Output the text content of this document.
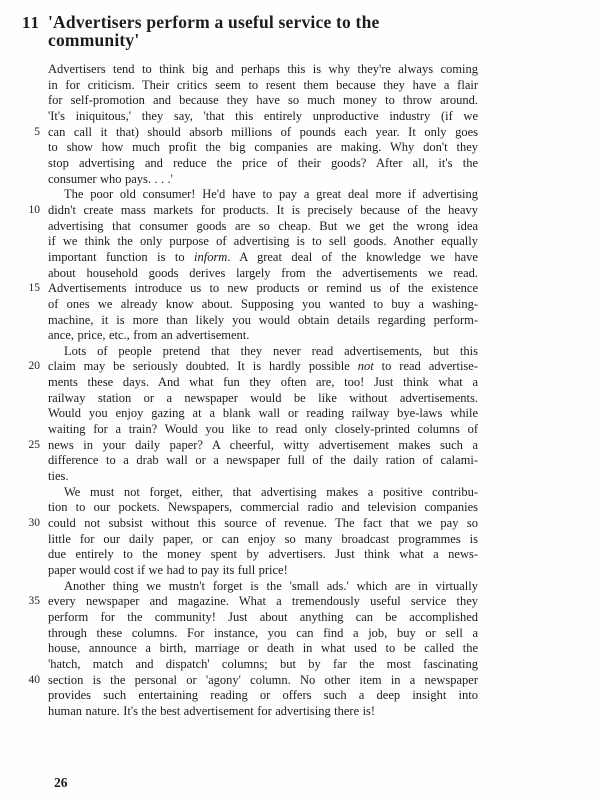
11 'Advertisers perform a useful service to the
community'
Advertisers tend to think big and perhaps this is why they're always coming
in for criticism. Their critics seem to resent them because they have a flair
for self-promotion and because they have so much money to throw around.
'It's iniquitous,' they say, 'that this entirely unproductive industry (if we
5 can call it that) should absorb millions of pounds each year. It only goes
to show how much profit the big companies are making. Why don't they
stop advertising and reduce the price of their goods? After all, it's the
consumer who pays. . . .'
The poor old consumer! He'd have to pay a great deal more if advertising
10 didn't create mass markets for products. It is precisely because of the heavy
advertising that consumer goods are so cheap. But we get the wrong idea
if we think the only purpose of advertising is to sell goods. Another equally
important function is to inform. A great deal of the knowledge we have
about household goods derives largely from the advertisements we read.
15 Advertisements introduce us to new products or remind us of the existence
of ones we already know about. Supposing you wanted to buy a washing-
machine, it is more than likely you would obtain details regarding perform-
ance, price, etc., from an advertisement.
Lots of people pretend that they never read advertisements, but this
20 claim may be seriously doubted. It is hardly possible not to read advertise-
ments these days. And what fun they often are, too! Just think what a
railway station or a newspaper would be like without advertisements.
Would you enjoy gazing at a blank wall or reading railway bye-laws while
waiting for a train? Would you like to read only closely-printed columns of
25 news in your daily paper? A cheerful, witty advertisement makes such a
difference to a drab wall or a newspaper full of the daily ration of calami-
ties.
We must not forget, either, that advertising makes a positive contribu-
tion to our pockets. Newspapers, commercial radio and television companies
30 could not subsist without this source of revenue. The fact that we pay so
little for our daily paper, or can enjoy so many broadcast programmes is
due entirely to the money spent by advertisers. Just think what a news-
paper would cost if we had to pay its full price!
Another thing we mustn't forget is the 'small ads.' which are in virtually
35 every newspaper and magazine. What a tremendously useful service they
perform for the community! Just about anything can be accomplished
through these columns. For instance, you can find a job, buy or sell a
house, announce a birth, marriage or death in what used to be called the
'hatch, match and dispatch' columns; but by far the most fascinating
40 section is the personal or 'agony' column. No other item in a newspaper
provides such entertaining reading or offers such a deep insight into
human nature. It's the best advertisement for advertising there is!
26
